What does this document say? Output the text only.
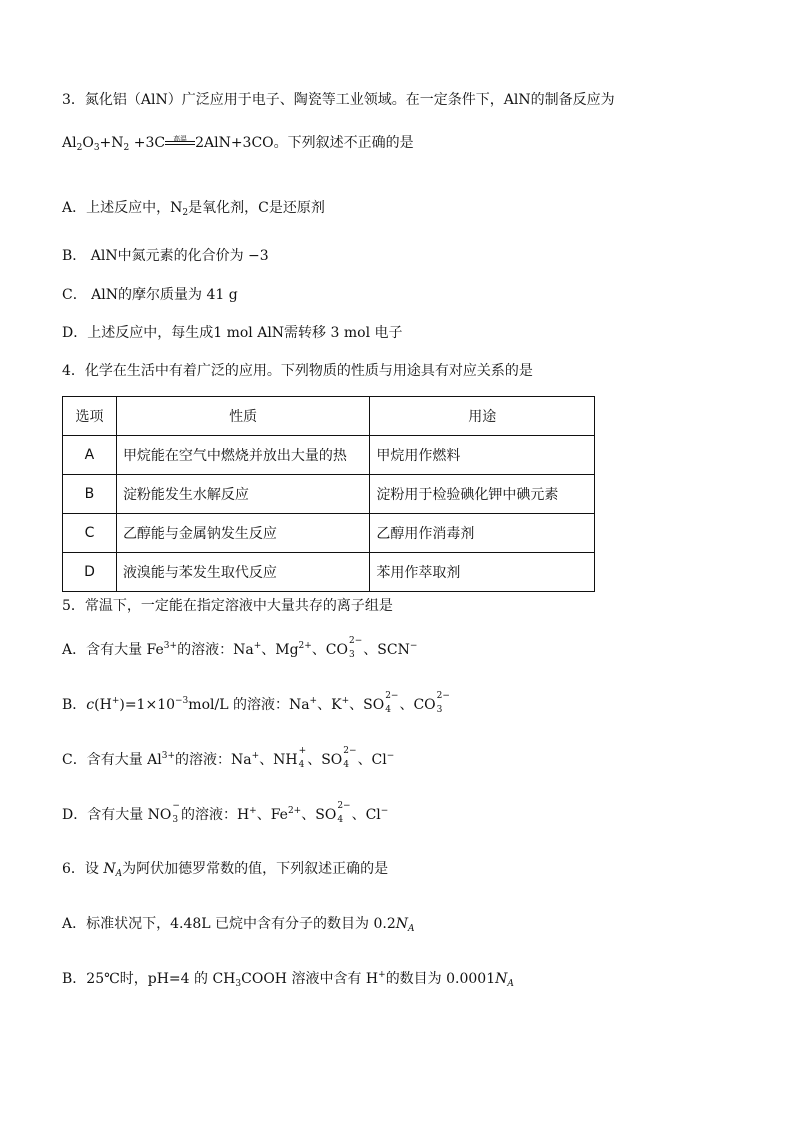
3．氮化铝（AlN）广泛应用于电子、陶瓷等工业领域。在一定条件下，AlN的制备反应为
$Al_2O_3+N_2 +3C$	高温 2AlN+3CO。下列叙述不正确的是
A．上述反应中，$N_2$是氧化剂，C是还原剂
B． AlN中氮元素的化合价为 −3
C． AlN的摩尔质量为 41 g
D．上述反应中，每生成1 mol AlN需转移 3 mol 电子
4．化学在生活中有着广泛的应用。下列物质的性质与用途具有对应关系的是
选项	性质	用途
A	甲烷能在空气中燃烧并放出大量的热	甲烷用作燃料
B	淀粉能发生水解反应	淀粉用于检验碘化钾中碘元素
C	乙醇能与金属钠发生反应	乙醇用作消毒剂
D	液溴能与苯发生取代反应	苯用作萃取剂
5．常温下，一定能在指定溶液中大量共存的离子组是
A．含有大量 $Fe^{3+}$的溶液：Na+、$Mg^{2+}$、CO
2−
3 、SCN−
B．$c(H^+)=1\times 10^{-3}mol/L$ 的溶液：Na+、K+、SO
2−
4 、CO
2−
3
C．含有大量 $Al^{3+}$的溶液：Na+、NH
+
4 、SO
2−
4 、Cl−
D．含有大量 NO
−
3 的溶液：H+、$Fe^{2+}$、SO
2−
4 、Cl−
6．设 $N_A$为阿伏加德罗常数的值，下列叙述正确的是
A．标准状况下，4.48L 已烷中含有分子的数目为 $0.2N_A$
B．25℃时，pH=4 的 $CH_3COOH$ 溶液中含有 H+的数目为 $0.0001N_A$
